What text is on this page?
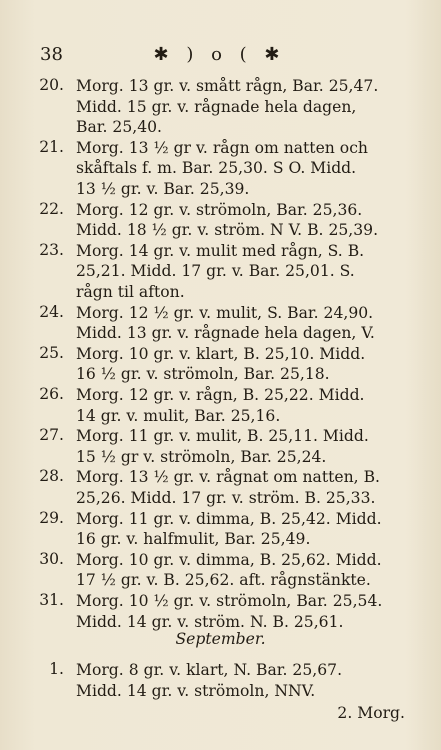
38	✱ ) o ( ✱
20. Morg. 13 gr. v. smått rågn, Bar. 25,47.
Midd. 15 gr. v. rågnade hela dagen,
Bar. 25,40.
21. Morg. 13 ½ gr v. rågn om natten och
skåftals f. m. Bar. 25,30. S O. Midd.
13 ½ gr. v. Bar. 25,39.
22. Morg. 12 gr. v. strömoln, Bar. 25,36.
Midd. 18 ½ gr. v. ström. N V. B. 25,39.
23. Morg. 14 gr. v. mulit med rågn, S. B.
25,21. Midd. 17 gr. v. Bar. 25,01. S.
rågn til afton.
24. Morg. 12 ½ gr. v. mulit, S. Bar. 24,90.
Midd. 13 gr. v. rågnade hela dagen, V.
25. Morg. 10 gr. v. klart, B. 25,10. Midd.
16 ½ gr. v. strömoln, Bar. 25,18.
26. Morg. 12 gr. v. rågn, B. 25,22. Midd.
14 gr. v. mulit, Bar. 25,16.
27. Morg. 11 gr. v. mulit, B. 25,11. Midd.
15 ½ gr v. strömoln, Bar. 25,24.
28. Morg. 13 ½ gr. v. rågnat om natten, B.
25,26. Midd. 17 gr. v. ström. B. 25,33.
29. Morg. 11 gr. v. dimma, B. 25,42. Midd.
16 gr. v. halfmulit, Bar. 25,49.
30. Morg. 10 gr. v. dimma, B. 25,62. Midd.
17 ½ gr. v. B. 25,62. aft. rågnstänkte.
31. Morg. 10 ½ gr. v. strömoln, Bar. 25,54.
Midd. 14 gr. v. ström. N. B. 25,61.
September.
1. Morg. 8 gr. v. klart, N. Bar. 25,67.
Midd. 14 gr. v. strömoln, NNV.
2. Morg.
